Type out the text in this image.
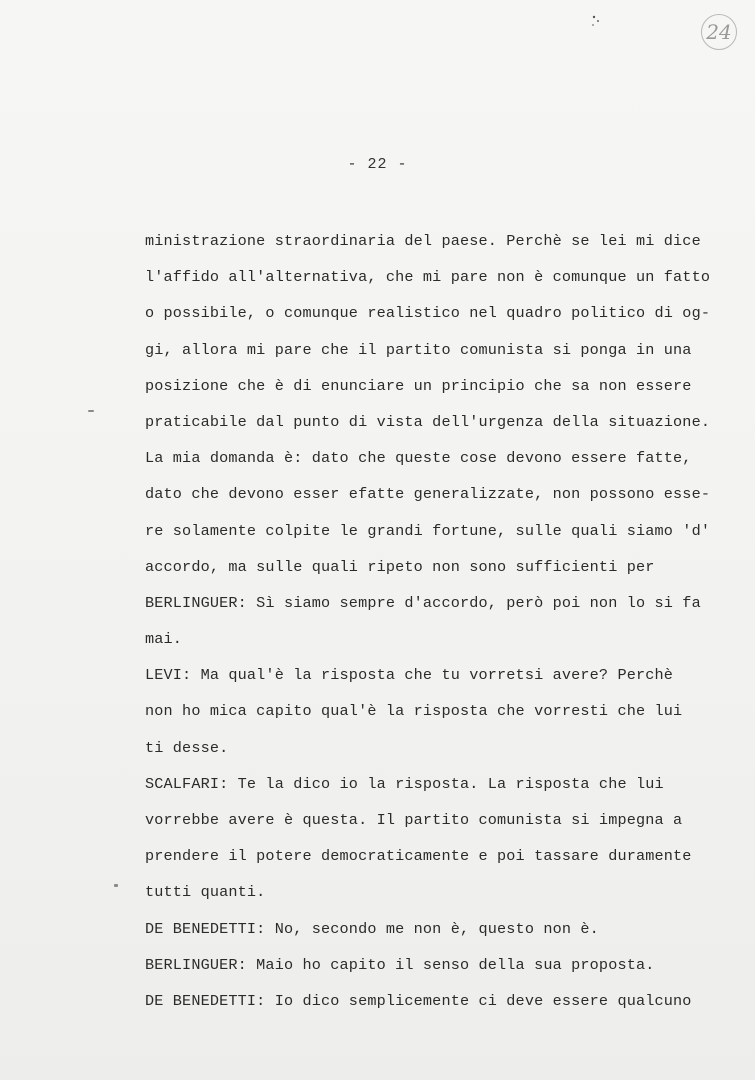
24
- 22 -
ministrazione straordinaria del paese. Perchè se lei mi dice
l'affido all'alternativa, che mi pare non è comunque un fatto
o possibile, o comunque realistico nel quadro politico di og-
gi, allora mi pare che il partito comunista si ponga in una
posizione che è di enunciare un principio che sa non essere
praticabile dal punto di vista dell'urgenza della situazione.
La mia domanda è: dato che queste cose devono essere fatte,
dato che devono esser efatte generalizzate, non possono esse-
re solamente colpite le grandi fortune, sulle quali siamo 'd'
accordo, ma sulle quali ripeto non sono sufficienti per
BERLINGUER: Sì siamo sempre d'accordo, però poi non lo si fa
mai.
LEVI: Ma qual'è la risposta che tu vorretsi avere? Perchè
non ho mica capito qual'è la risposta che vorresti che lui
ti desse.
SCALFARI: Te la dico io la risposta. La risposta che lui
vorrebbe avere è questa. Il partito comunista si impegna a
prendere il potere democraticamente e poi tassare duramente
tutti quanti.
DE BENEDETTI: No, secondo me non è, questo non è.
BERLINGUER: Maio ho capito il senso della sua proposta.
DE BENEDETTI: Io dico semplicemente ci deve essere qualcuno
